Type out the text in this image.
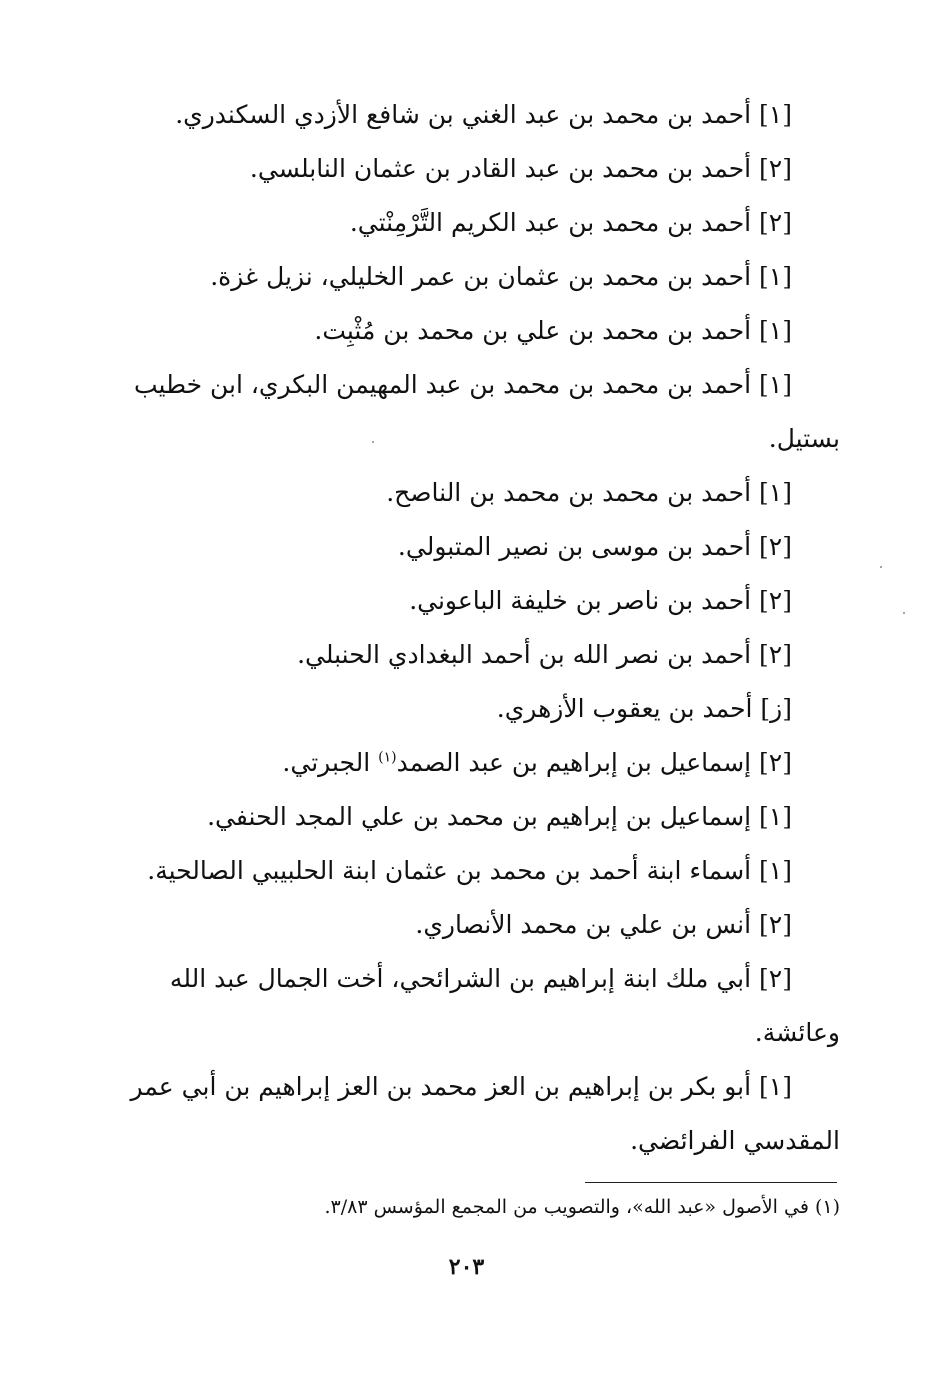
[١] أحمد بن محمد بن عبد الغني بن شافع الأزدي السكندري.

[٢] أحمد بن محمد بن عبد القادر بن عثمان النابلسي.

[٢] أحمد بن محمد بن عبد الكريم التَّرْمِنْتي.

[١] أحمد بن محمد بن عثمان بن عمر الخليلي، نزيل غزة.

[١] أحمد بن محمد بن علي بن محمد بن مُثْبِت.

[١] أحمد بن محمد بن محمد بن عبد المهيمن البكري، ابن خطيب
بستيل.

[١] أحمد بن محمد بن محمد بن الناصح.

[٢] أحمد بن موسى بن نصير المتبولي.

[٢] أحمد بن ناصر بن خليفة الباعوني.

[٢] أحمد بن نصر الله بن أحمد البغدادي الحنبلي.

[ز] أحمد بن يعقوب الأزهري.

[٢] إسماعيل بن إبراهيم بن عبد الصمد$^{(١)}$ الجبرتي.

[١] إسماعيل بن إبراهيم بن محمد بن علي المجد الحنفي.

[١] أسماء ابنة أحمد بن محمد بن عثمان ابنة الحلبيبي الصالحية.

[٢] أنس بن علي بن محمد الأنصاري.

[٢] أبي ملك ابنة إبراهيم بن الشرائحي، أخت الجمال عبد الله
وعائشة.

[١] أبو بكر بن إبراهيم بن العز محمد بن العز إبراهيم بن أبي عمر
المقدسي الفرائضي.

(١) في الأصول «عبد الله»، والتصويب من المجمع المؤسس ٣/٨٣.
٢٠٣
